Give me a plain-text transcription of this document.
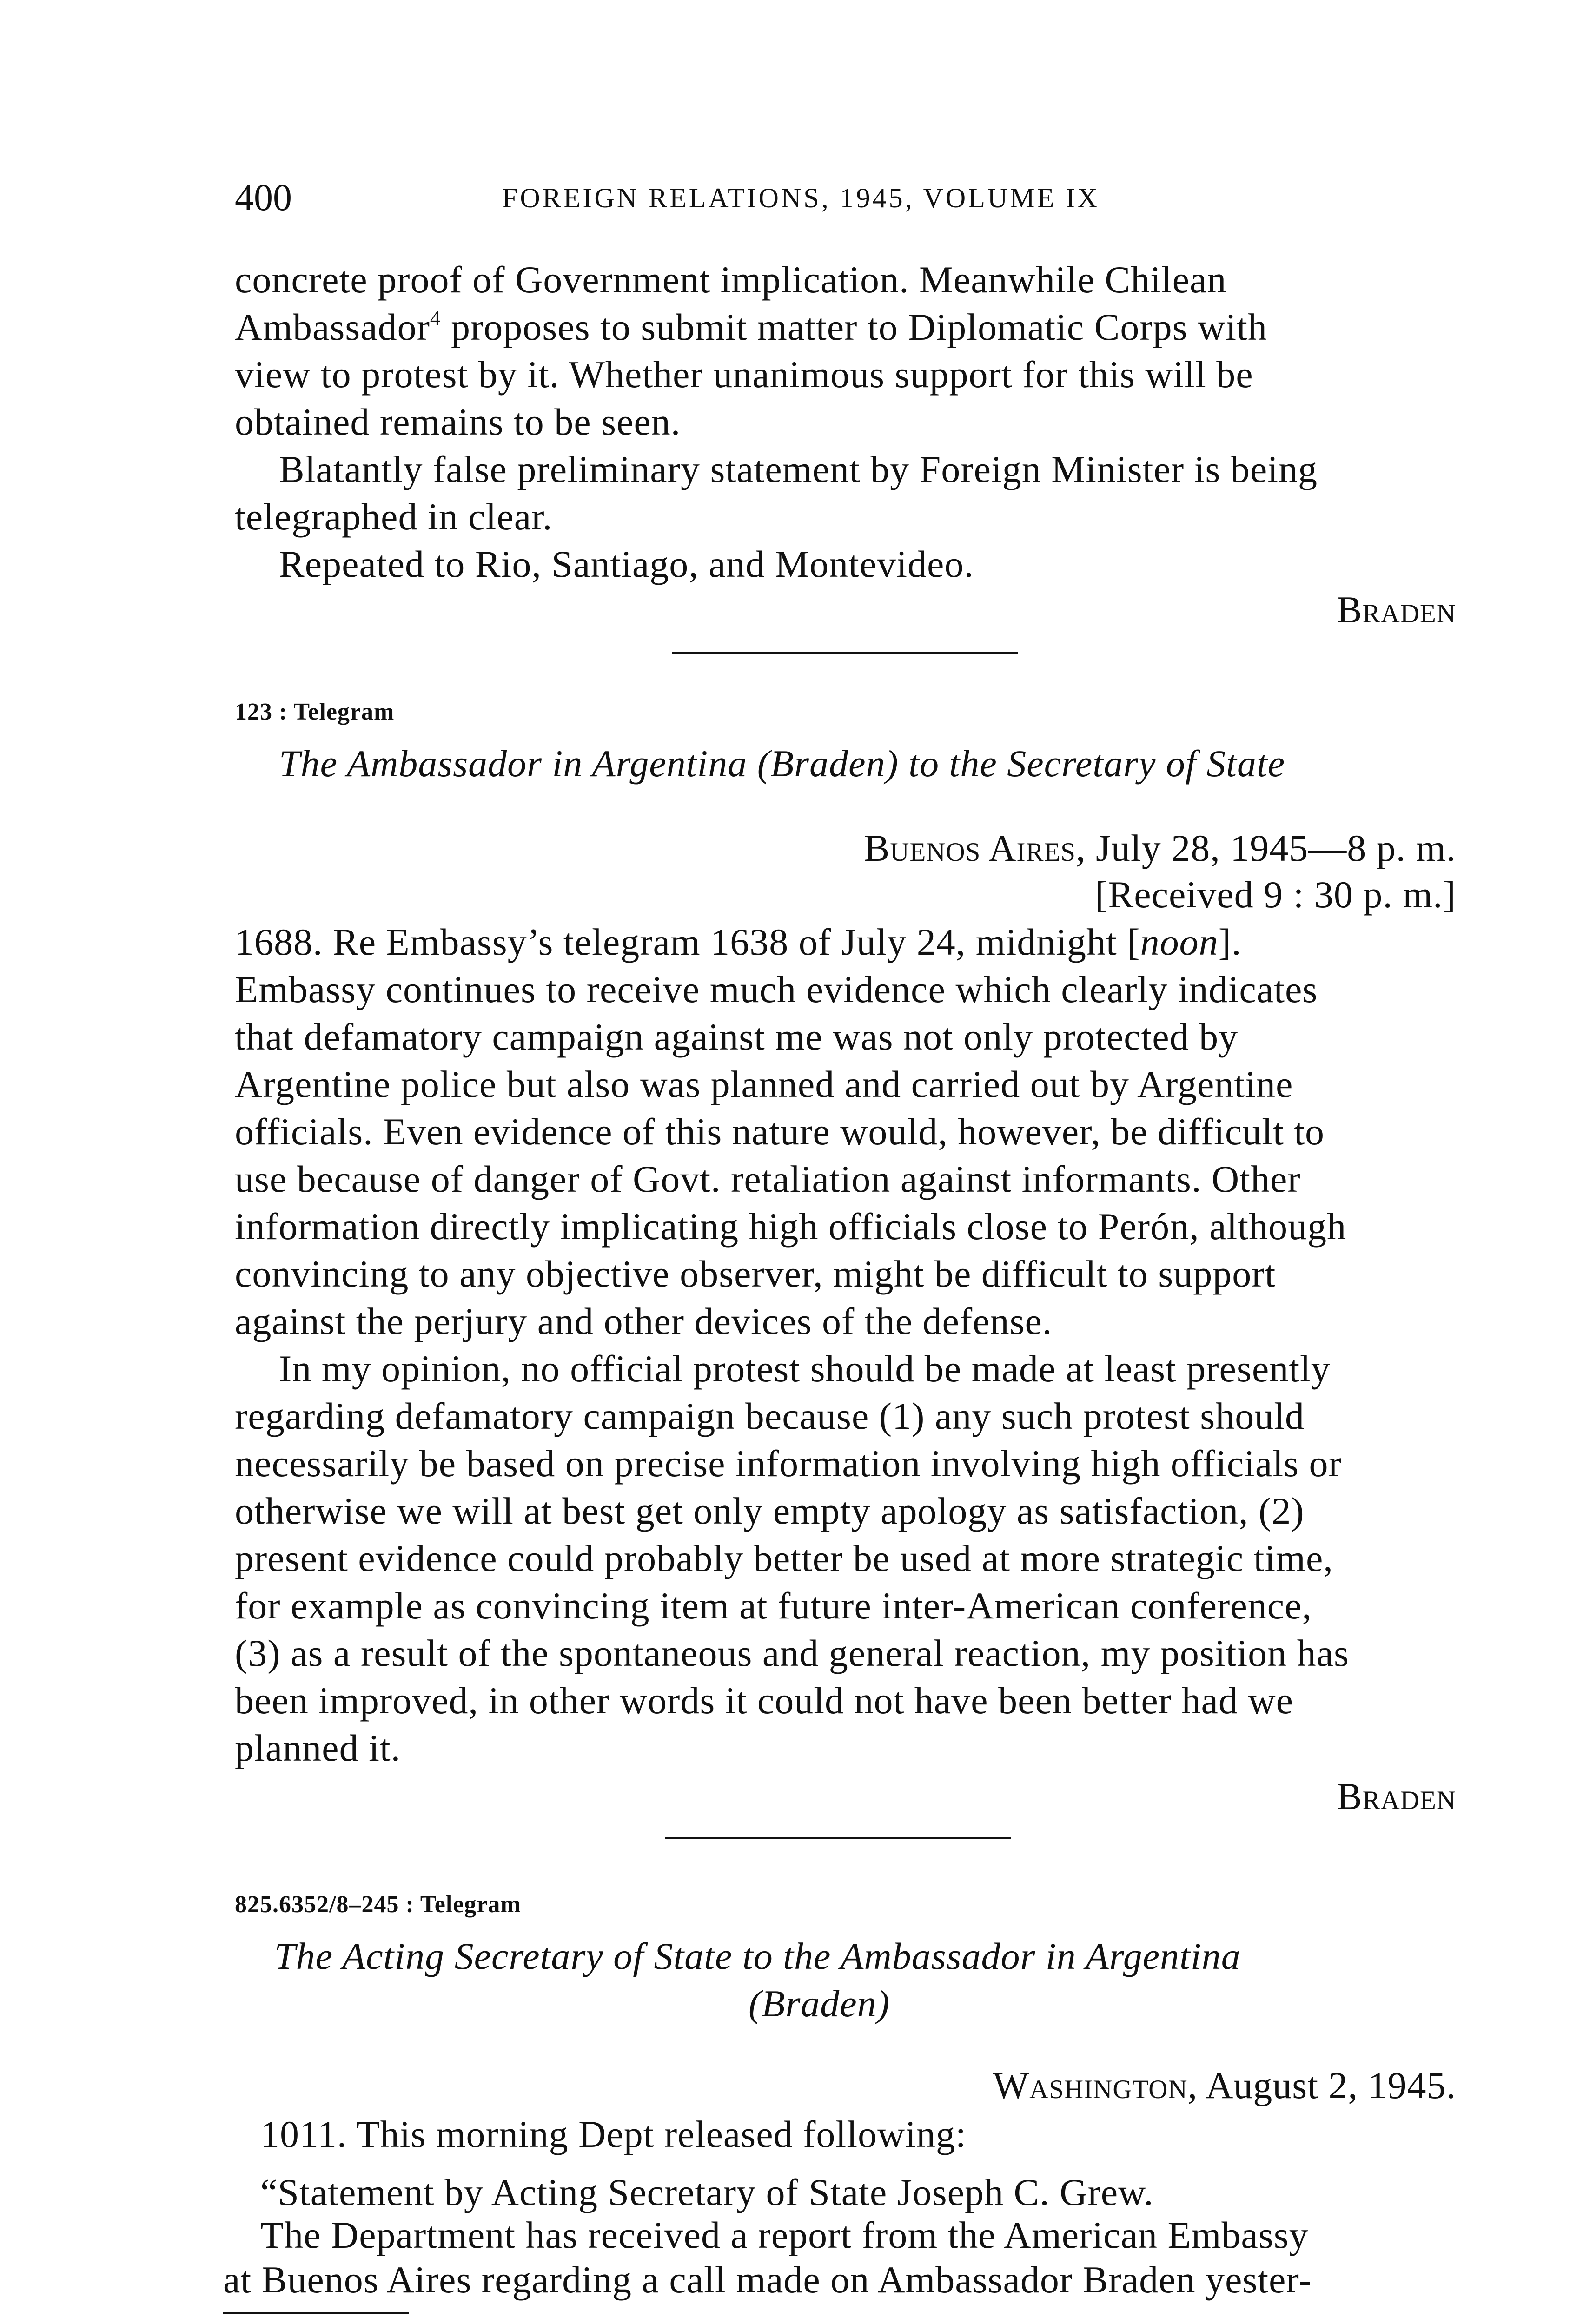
400	FOREIGN RELATIONS, 1945, VOLUME IX
concrete proof of Government implication. Meanwhile Chilean
Ambassador$^4$ proposes to submit matter to Diplomatic Corps with
view to protest by it. Whether unanimous support for this will be
obtained remains to be seen.
Blatantly false preliminary statement by Foreign Minister is being
telegraphed in clear.
Repeated to Rio, Santiago, and Montevideo.
Braden
123 : Telegram
The Ambassador in Argentina (Braden) to the Secretary of State
Buenos Aires, July 28, 1945—8 p. m.
[Received 9 : 30 p. m.]
1688. Re Embassy’s telegram 1638 of July 24, midnight [noon].
Embassy continues to receive much evidence which clearly indicates
that defamatory campaign against me was not only protected by
Argentine police but also was planned and carried out by Argentine
officials. Even evidence of this nature would, however, be difficult to
use because of danger of Govt. retaliation against informants. Other
information directly implicating high officials close to Perón, although
convincing to any objective observer, might be difficult to support
against the perjury and other devices of the defense.
In my opinion, no official protest should be made at least presently
regarding defamatory campaign because (1) any such protest should
necessarily be based on precise information involving high officials or
otherwise we will at best get only empty apology as satisfaction, (2)
present evidence could probably better be used at more strategic time,
for example as convincing item at future inter-American conference,
(3) as a result of the spontaneous and general reaction, my position has
been improved, in other words it could not have been better had we
planned it.
Braden
825.6352/8–245 : Telegram
The Acting Secretary of State to the Ambassador in Argentina
(Braden)
Washington, August 2, 1945.
1011. This morning Dept released following:
“Statement by Acting Secretary of State Joseph C. Grew.
The Department has received a report from the American Embassy
at Buenos Aires regarding a call made on Ambassador Braden yester-
